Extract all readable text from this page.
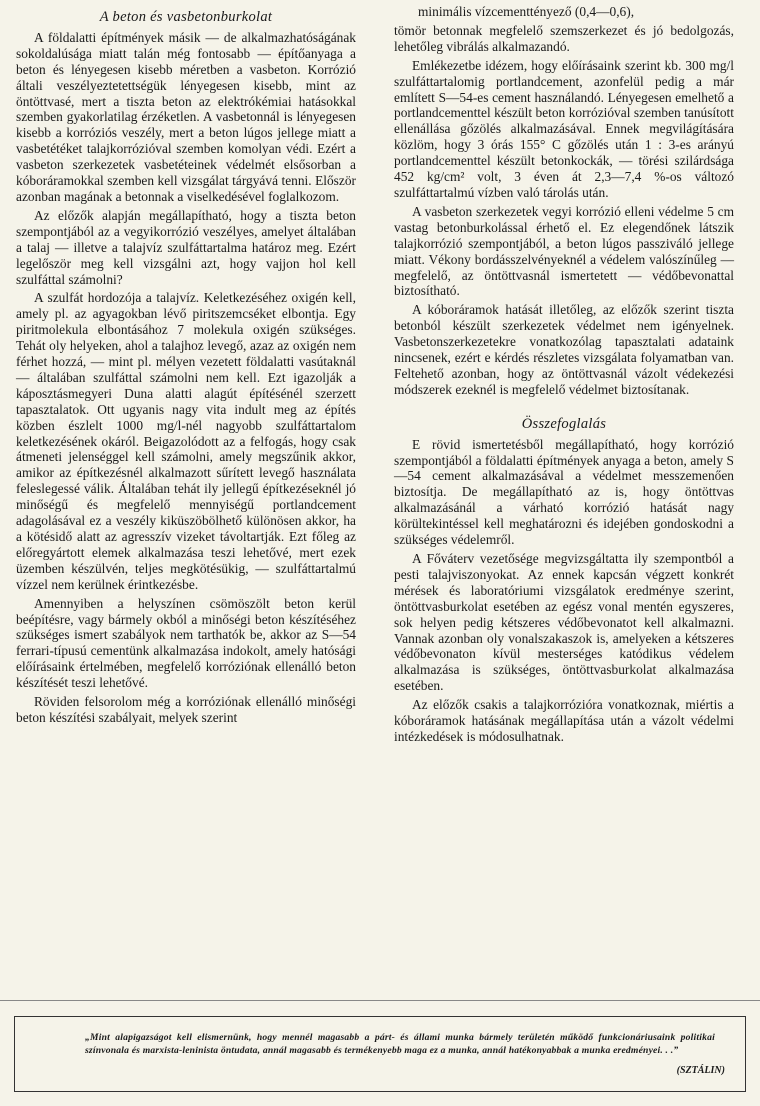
A beton és vasbetonburkolat

A földalatti építmények másik — de alkalmazhatóságának sokoldalúsága miatt talán még fontosabb — építőanyaga a beton és lényegesen kisebb méretben a vasbeton. Korrózió általi veszélyeztetettségük lényegesen kisebb, mint az öntöttvasé, mert a tiszta beton az elektrókémiai hatásokkal szemben gyakorlatilag érzéketlen. A vasbetonnál is lényegesen kisebb a korróziós veszély, mert a beton lúgos jellege miatt a vasbetétéket talajkorrózióval szemben komolyan védi. Ezért a vasbeton szerkezetek vasbetéteinek védelmét elsősorban a kóboráramokkal szemben kell vizsgálat tárgyává tenni. Először azonban magának a betonnak a viselkedésével foglalkozom.

Az előzők alapján megállapítható, hogy a tiszta beton szempontjából az a vegyikorrózió veszélyes, amelyet általában a talaj — illetve a talajvíz szulfáttartalma határoz meg. Ezért legelőször meg kell vizsgálni azt, hogy vajjon hol kell szulfáttal számolni?

A szulfát hordozója a talajvíz. Keletkezéséhez oxigén kell, amely pl. az agyagokban lévő piritszemcséket elbontja. Egy piritmolekula elbontásához 7 molekula oxigén szükséges. Tehát oly helyeken, ahol a talajhoz levegő, azaz az oxigén nem férhet hozzá, — mint pl. mélyen vezetett földalatti vasútaknál — általában szulfáttal számolni nem kell. Ezt igazolják a káposztásmegyeri Duna alatti alagút építésénél szerzett tapasztalatok. Ott ugyanis nagy vita indult meg az építés közben észlelt 1000 mg/l-nél nagyobb szulfáttartalom keletkezésének okáról. Beigazolódott az a felfogás, hogy csak átmeneti jelenséggel kell számolni, amely megszűnik akkor, amikor az építkezésnél alkalmazott sűrített levegő használata feleslegessé válik. Általában tehát ily jellegű építkezéseknél jó minőségű és megfelelő mennyiségű portlandcement adagolásával ez a veszély kiküszöbölhető különösen akkor, ha a kötésidő alatt az agresszív vizeket távoltartják. Ezt főleg az előregyártott elemek alkalmazása teszi lehetővé, mert ezek üzemben készülvén, teljes megkötésükig, — szulfáttartalmú vízzel nem kerülnek érintkezésbe.

Amennyiben a helyszínen csömöszölt beton kerül beépítésre, vagy bármely okból a minőségi beton készítéséhez szükséges ismert szabályok nem tarthatók be, akkor az S—54 ferrari-típusú cementünk alkalmazása indokolt, amely hatósági előírásaink értelmében, megfelelő korróziónak ellenálló beton készítését teszi lehetővé.

Röviden felsorolom még a korróziónak ellenálló minőségi beton készítési szabályait, melyek szerint

minimális vízcementtényező (0,4—0,6),

tömör betonnak megfelelő szemszerkezet és jó bedolgozás, lehetőleg vibrálás alkalmazandó.

Emlékezetbe idézem, hogy előírásaink szerint kb. 300 mg/l szulfáttartalomig portlandcement, azonfelül pedig a már említett S—54-es cement használandó. Lényegesen emelhető a portlandcementtel készült beton korrózióval szemben tanúsított ellenállása gőzölés alkalmazásával. Ennek megvilágítására közlöm, hogy 3 órás 155° C gőzölés után 1 : 3-es arányú portlandcementtel készült betonkockák, — törési szilárdsága 452 kg/cm² volt, 3 éven át 2,3—7,4 %-os változó szulfáttartalmú vízben való tárolás után.

A vasbeton szerkezetek vegyi korrózió elleni védelme 5 cm vastag betonburkolással érhető el. Ez elegendőnek látszik talajkorrózió szempontjából, a beton lúgos passziváló jellege miatt. Vékony bordásszelvényeknél a védelem valószínűleg — megfelelő, az öntöttvasnál ismertetett — védőbevonattal biztosítható.

A kóboráramok hatását illetőleg, az előzők szerint tiszta betonból készült szerkezetek védelmet nem igényelnek. Vasbetonszerkezetekre vonatkozólag tapasztalati adataink nincsenek, ezért e kérdés részletes vizsgálata folyamatban van. Feltehető azonban, hogy az öntöttvasnál vázolt védekezési módszerek ezeknél is megfelelő védelmet biztosítanak.

Összefoglalás

E rövid ismertetésből megállapítható, hogy korrózió szempontjából a földalatti építmények anyaga a beton, amely S—54 cement alkalmazásával a védelmet messzemenően biztosítja. De megállapítható az is, hogy öntöttvas alkalmazásánál a várható korrózió hatását nagy körültekintéssel kell meghatározni és idejében gondoskodni a szükséges védelemről.

A Főváterv vezetősége megvizsgáltatta ily szempontból a pesti talajviszonyokat. Az ennek kapcsán végzett konkrét mérések és laboratóriumi vizsgálatok eredménye szerint, öntöttvasburkolat esetében az egész vonal mentén egyszeres, sok helyen pedig kétszeres védőbevonatot kell alkalmazni. Vannak azonban oly vonalszakaszok is, amelyeken a kétszeres védőbevonaton kívül mesterséges katódikus védelem alkalmazása is szükséges, öntöttvasburkolat alkalmazása esetében.

Az előzők csakis a talajkorrózióra vonatkoznak, miértis a kóboráramok hatásának megállapítása után a vázolt védelmi intézkedések is módosulhatnak.

„Mint alapigazságot kell elismernünk, hogy mennél magasabb a párt- és állami munka bármely területén működő funkcionáriusaink politikai színvonala és marxista-leninista öntudata, annál magasabb és termékenyebb maga ez a munka, annál hatékonyabbak a munka eredményei. . .”
(SZTÁLIN)
